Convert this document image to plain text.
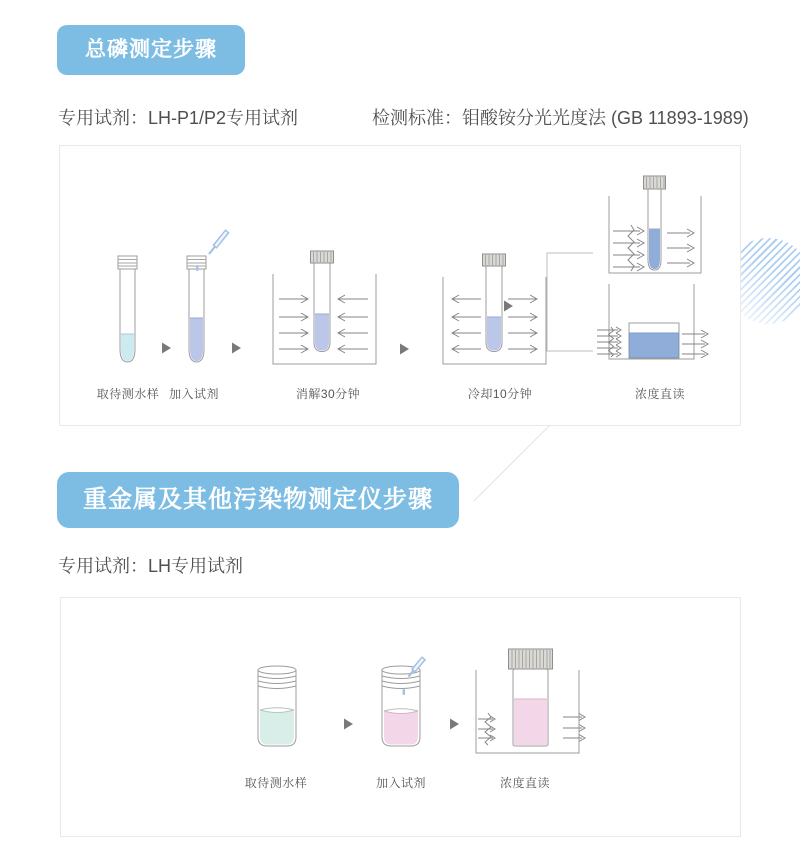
总磷测定步骤
专用试剂：LH-P1/P2专用试剂	检测标准：钼酸铵分光光度法 (GB 11893-1989)
取待测水样 加入试剂	消解30分钟	冷却10分钟	浓度直读
重金属及其他污染物测定仪步骤
专用试剂：LH专用试剂
取待测水样	加入试剂	浓度直读
